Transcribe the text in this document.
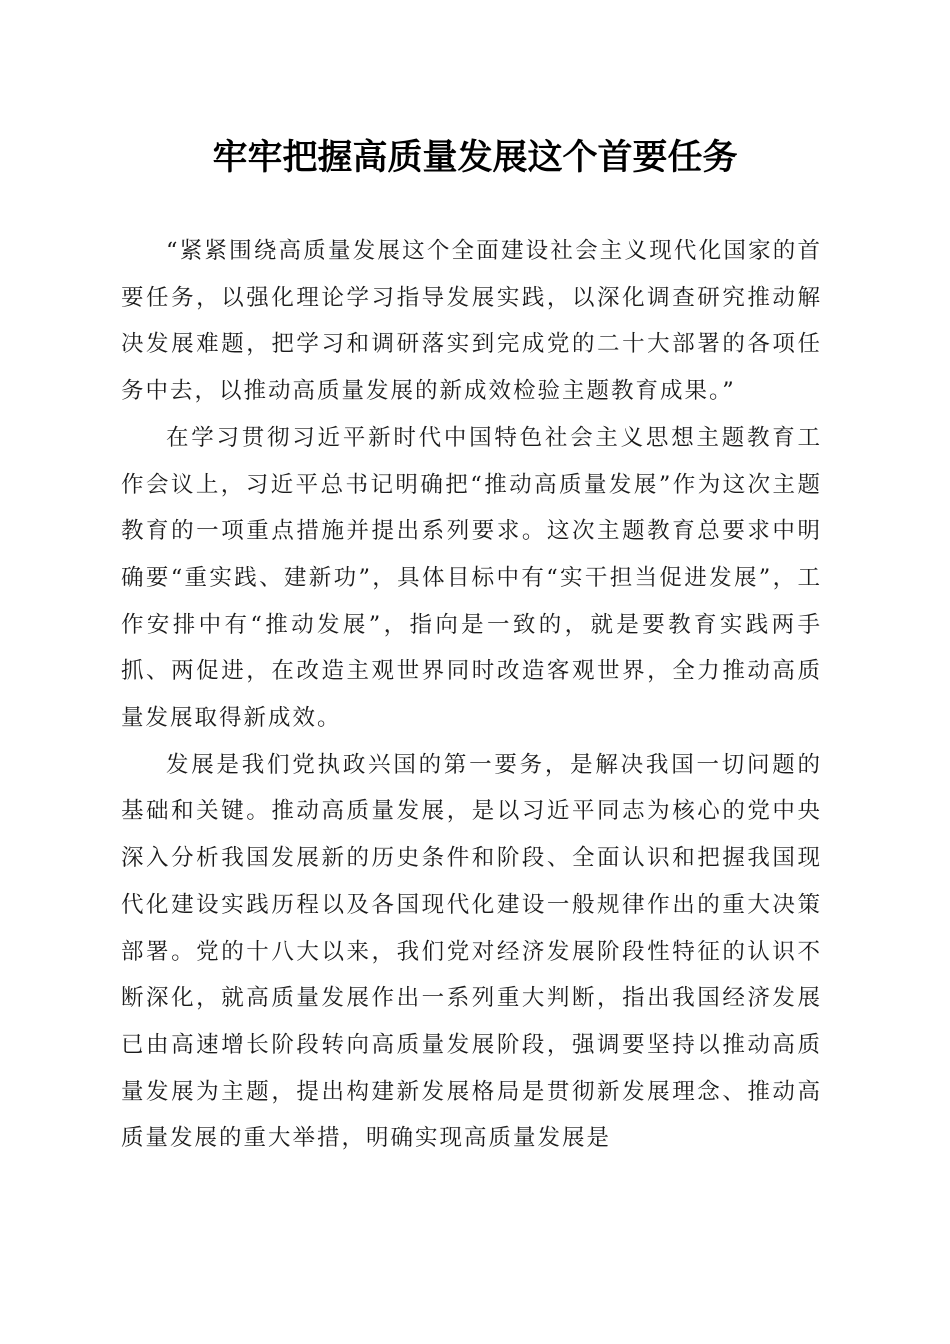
牢牢把握高质量发展这个首要任务

“紧紧围绕高质量发展这个全面建设社会主义现代化国家的首要任务，以强化理论学习指导发展实践，以深化调查研究推动解决发展难题，把学习和调研落实到完成党的二十大部署的各项任务中去，以推动高质量发展的新成效检验主题教育成果。”

在学习贯彻习近平新时代中国特色社会主义思想主题教育工作会议上，习近平总书记明确把“推动高质量发展”作为这次主题教育的一项重点措施并提出系列要求。这次主题教育总要求中明确要“重实践、建新功”，具体目标中有“实干担当促进发展”，工作安排中有“推动发展”，指向是一致的，就是要教育实践两手抓、两促进，在改造主观世界同时改造客观世界，全力推动高质量发展取得新成效。

发展是我们党执政兴国的第一要务，是解决我国一切问题的基础和关键。推动高质量发展，是以习近平同志为核心的党中央深入分析我国发展新的历史条件和阶段、全面认识和把握我国现代化建设实践历程以及各国现代化建设一般规律作出的重大决策部署。党的十八大以来，我们党对经济发展阶段性特征的认识不断深化，就高质量发展作出一系列重大判断，指出我国经济发展已由高速增长阶段转向高质量发展阶段，强调要坚持以推动高质量发展为主题，提出构建新发展格局是贯彻新发展理念、推动高质量发展的重大举措，明确实现高质量发展是
